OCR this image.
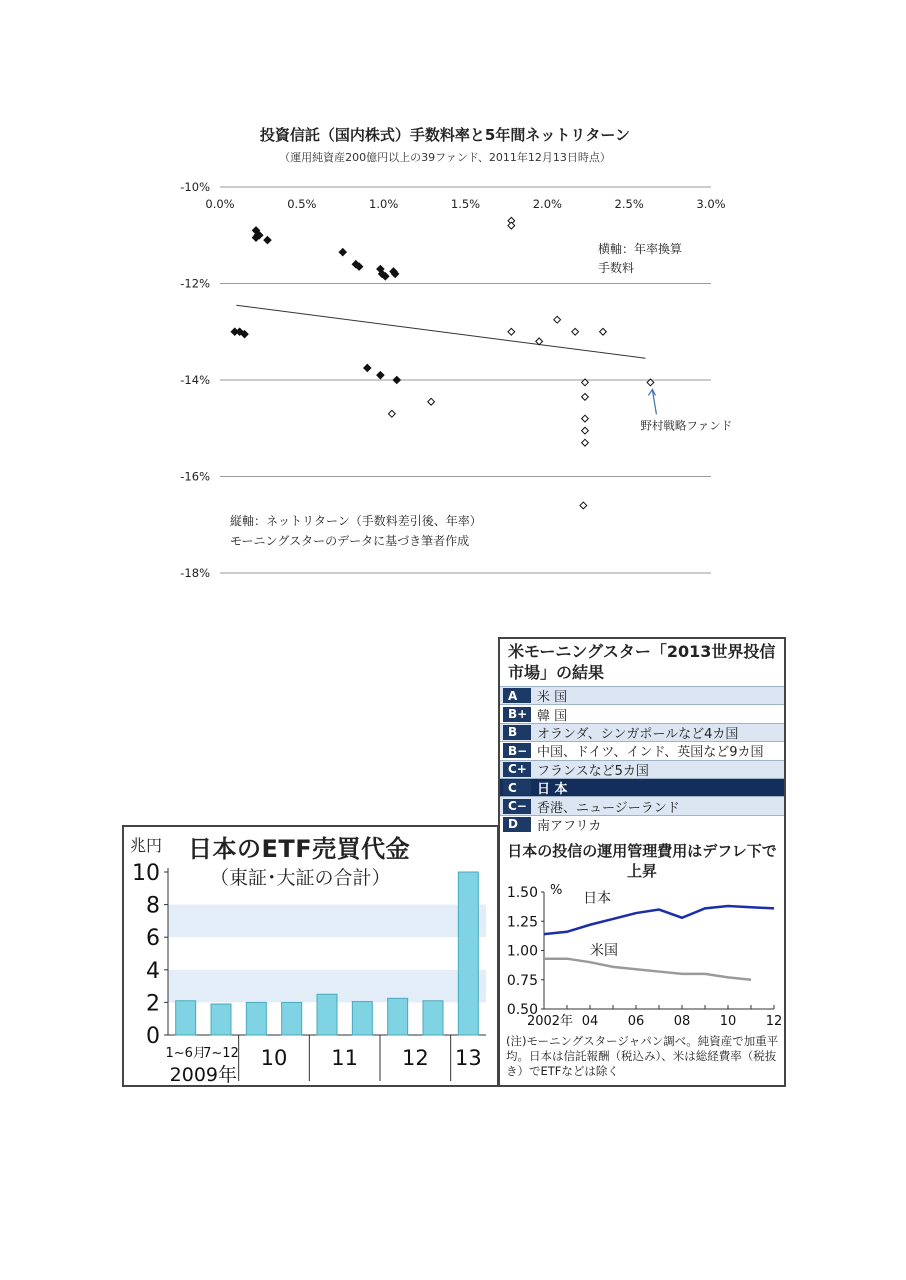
-10%
-12%
-14%
-16%
-18%
0.0%	0.5%	1.0%	1.5%	2.0%	2.5%	3.0%
横軸：年率換算
手数料
縦軸：ネットリターン（手数料差引後、年率）
モーニングスターのデータに基づき筆者作成
野村戦略ファンド
投資信託（国内株式）手数料率と5年間ネットリターン
（運用純資産200億円以上の39ファンド、2011年12月13日時点）
0
2
4
6
8
10
1~6月
7~12
2009年
10 11 12 13
兆円 日本のETF売買代金
（東証･大証の合計）
米モーニングスター「2013世界投信市場」の結果
A	米 国
B+ 韓 国
B	オランダ、シンガポールなど4カ国
B− 中国、ドイツ、インド、英国など9カ国
C+ フランスなど5カ国
C	日 本
C− 香港、ニュージーランド
D	南アフリカ
日本の投信の運用管理費用はデフレ下で上昇
1.50
1.25
1.00
0.75
0.50
%
2002年 04 06 08 10 12
日本
米国
(注)モーニングスタージャパン調べ。純資産で加重平均。日本は信託報酬（税込み）、米は総経費率（税抜き）でETFなどは除く
